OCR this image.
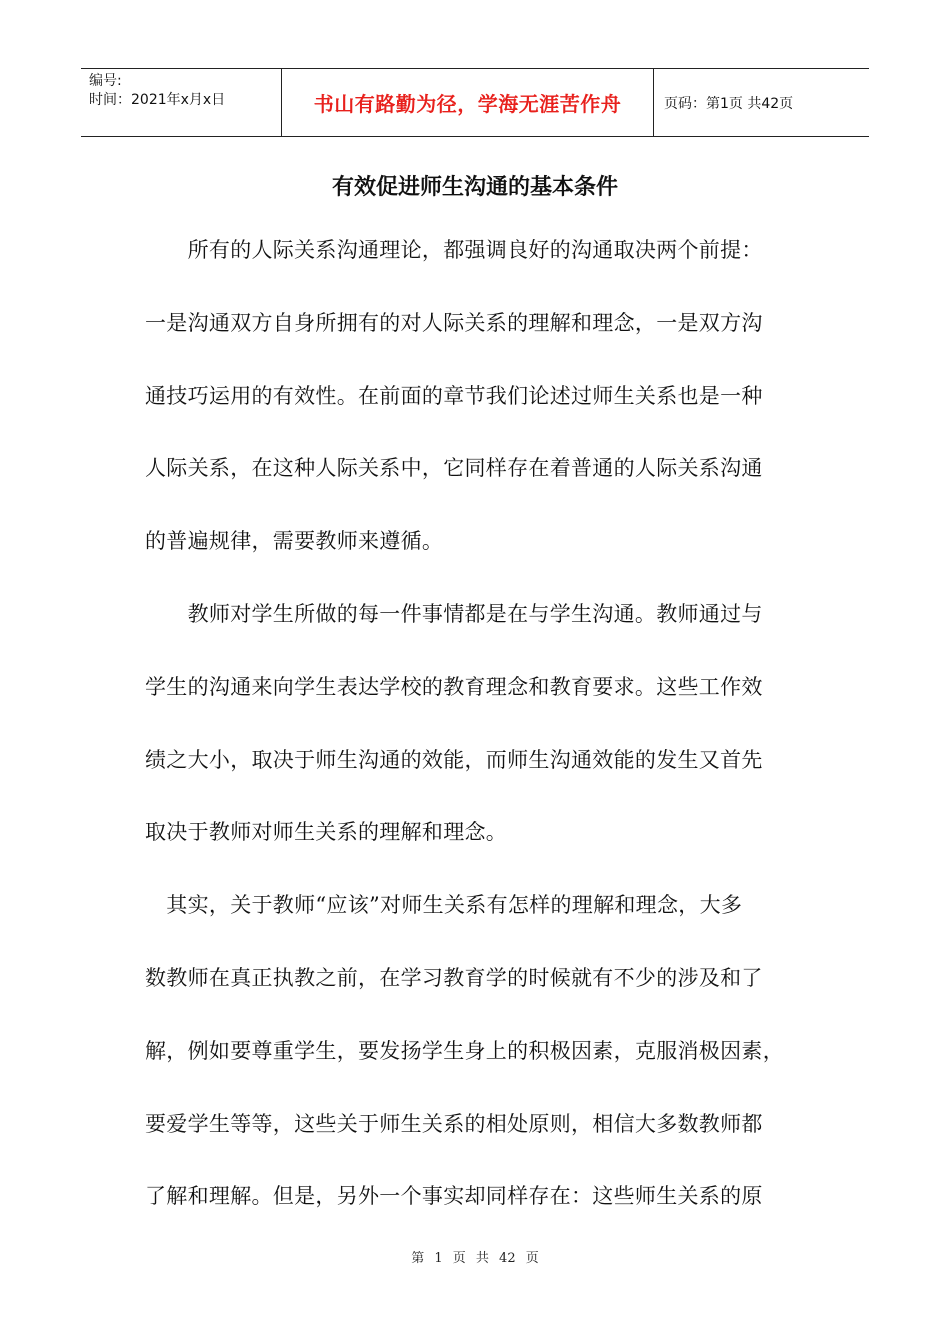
编号:
时间：2021年x月x日	书山有路勤为径，学海无涯苦作舟	页码：第1页 共42页
有效促进师生沟通的基本条件
　　所有的人际关系沟通理论，都强调良好的沟通取决两个前提：
一是沟通双方自身所拥有的对人际关系的理解和理念，一是双方沟
通技巧运用的有效性。在前面的章节我们论述过师生关系也是一种
人际关系，在这种人际关系中，它同样存在着普通的人际关系沟通
的普遍规律，需要教师来遵循。
　　教师对学生所做的每一件事情都是在与学生沟通。教师通过与
学生的沟通来向学生表达学校的教育理念和教育要求。这些工作效
绩之大小，取决于师生沟通的效能，而师生沟通效能的发生又首先
取决于教师对师生关系的理解和理念。
　其实，关于教师“应该”对师生关系有怎样的理解和理念，大多
数教师在真正执教之前，在学习教育学的时候就有不少的涉及和了
解，例如要尊重学生，要发扬学生身上的积极因素，克服消极因素，
要爱学生等等，这些关于师生关系的相处原则，相信大多数教师都
了解和理解。但是，另外一个事实却同样存在：这些师生关系的原
第 1 页 共 42 页
